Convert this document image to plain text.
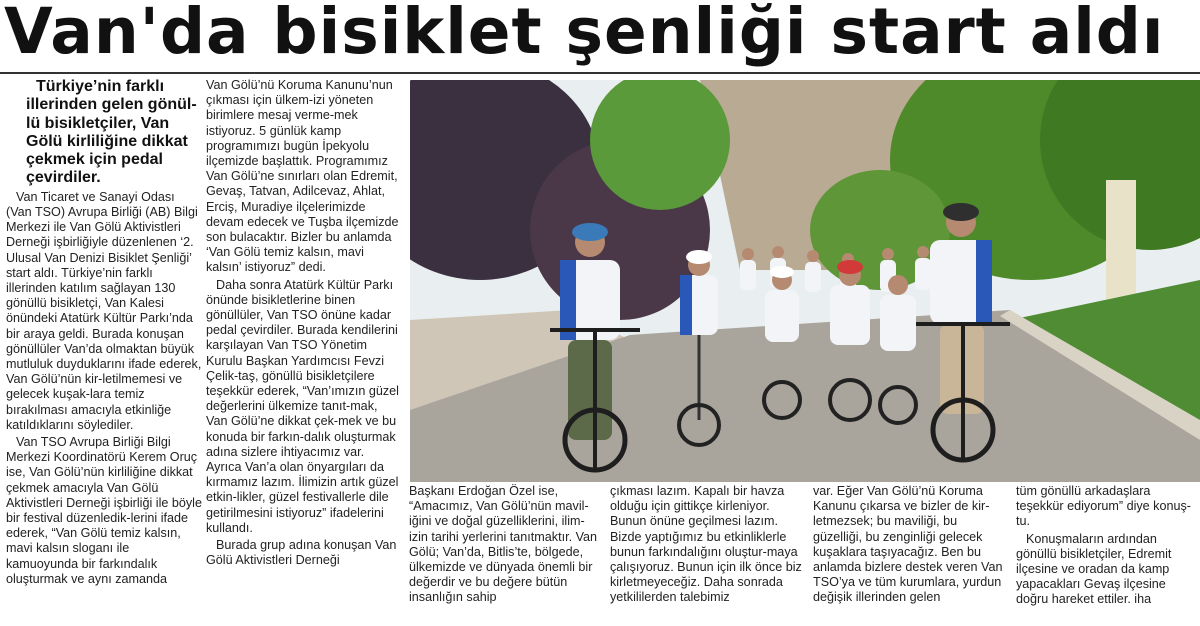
Van'da bisiklet şenliği start aldı

Türkiye’nin farklı illerinden gelen gönül-lü bisikletçiler, Van Gölü kirliliğine dikkat çekmek için pedal çevirdiler.

Van Ticaret ve Sanayi Odası (Van TSO) Avrupa Birliği (AB) Bilgi Merkezi ile Van Gölü Aktivistleri Derneği işbirliğiyle düzenlenen ‘2. Ulusal Van Denizi Bisiklet Şenliği’ start aldı. Türkiye’nin farklı illerinden katılım sağlayan 130 gönüllü bisikletçi, Van Kalesi önündeki Atatürk Kültür Parkı’nda bir araya geldi. Burada konuşan gönüllüler Van’da olmaktan büyük mutluluk duyduklarını ifade ederek, Van Gölü’nün kir-letilmemesi ve gelecek kuşak-lara temiz bırakılması amacıyla etkinliğe katıldıklarını söylediler.

Van TSO Avrupa Birliği Bilgi Merkezi Koordinatörü Kerem Oruç ise, Van Gölü’nün kirliliğine dikkat çekmek amacıyla Van Gölü Aktivistleri Derneği işbirliği ile böyle bir festival düzenledik-lerini ifade ederek, “Van Gölü temiz kalsın, mavi kalsın sloganı ile kamuoyunda bir farkındalık oluşturmak ve aynı zamanda

Van Gölü’nü Koruma Kanunu’nun çıkması için ülkem-izi yöneten birimlere mesaj verme-mek istiyoruz. 5 günlük kamp programımızı bugün İpekyolu ilçemizde başlattık. Programımız Van Gölü’ne sınırları olan Edremit, Gevaş, Tatvan, Adilcevaz, Ahlat, Erciş, Muradiye ilçelerimizde devam edecek ve Tuşba ilçemizde son bulacaktır. Bizler bu anlamda ‘Van Gölü temiz kalsın, mavi kalsın’ istiyoruz” dedi.

Daha sonra Atatürk Kültür Parkı önünde bisikletlerine binen gönüllüler, Van TSO önüne kadar pedal çevirdiler. Burada kendilerini karşılayan Van TSO Yönetim Kurulu Başkan Yardımcısı Fevzi Çelik-taş, gönüllü bisikletçilere teşekkür ederek, “Van’ımızın güzel değerlerini ülkemize tanıt-mak, Van Gölü’ne dikkat çek-mek ve bu konuda bir farkın-dalık oluşturmak adına sizlere ihtiyacımız var. Ayrıca Van’a olan önyargıları da kırmamız lazım. İlimizin artık güzel etkin-likler, güzel festivallerle dile getirilmesini istiyoruz” ifadelerini kullandı.

Burada grup adına konuşan Van Gölü Aktivistleri Derneği

Başkanı Erdoğan Özel ise, “Amacımız, Van Gölü’nün mavil-iğini ve doğal güzelliklerini, ilim-izin tarihi yerlerini tanıtmaktır. Van Gölü; Van’da, Bitlis’te, bölgede, ülkemizde ve dünyada önemli bir değerdir ve bu değere bütün insanlığın sahip

çıkması lazım. Kapalı bir havza olduğu için gittikçe kirleniyor. Bunun önüne geçilmesi lazım. Bizde yaptığımız bu etkinliklerle bunun farkındalığını oluştur-maya çalışıyoruz. Bunun için ilk önce biz kirletmeyeceğiz. Daha sonrada yetkililerden talebimiz

var. Eğer Van Gölü’nü Koruma Kanunu çıkarsa ve bizler de kir-letmezsek; bu maviliği, bu güzelliği, bu zenginliği gelecek kuşaklara taşıyacağız. Ben bu anlamda bizlere destek veren Van TSO’ya ve tüm kurumlara, yurdun değişik illerinden gelen

tüm gönüllü arkadaşlara teşekkür ediyorum” diye konuş-tu.

Konuşmaların ardından gönüllü bisikletçiler, Edremit ilçesine ve oradan da kamp yapacakları Gevaş ilçesine doğru hareket ettiler. iha
